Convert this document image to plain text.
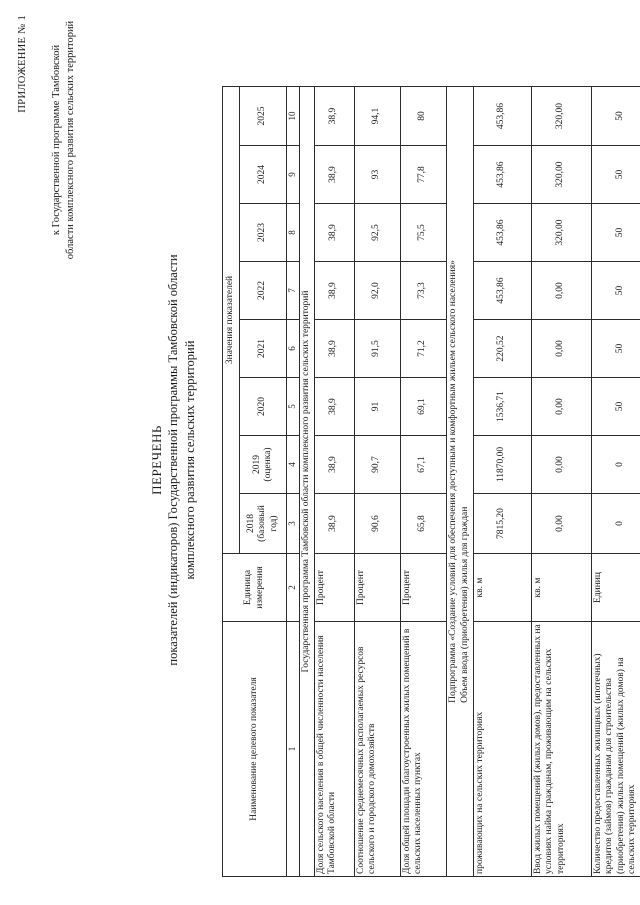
ПРИЛОЖЕНИЕ № 1 к Государственной программе Тамбовской области комплексного развития сельских территорий
ПЕРЕЧЕНЬ показателей (индикаторов) Государственной программы Тамбовской области комплексного развития сельских территорий
Наименование целевого показателя	Единица измерения	Значения показателей							
		2018 (базовый год)	2019 (оценка)	2020	2021	2022	2023	2024	2025
1	2	3	4	5	6	7	8	9	10
Государственная программа Тамбовской области комплексного развития сельских территорий									
Доля сельского населения в общей численности населения Тамбовской области	Процент	38,9	38,9	38,9	38,9	38,9	38,9	38,9	38,9
Соотношение среднемесячных располагаемых ресурсов сельского и городского домохозяйств	Процент	90,6	90,7	91	91,5	92,0	92,5	93	94,1
Доля общей площади благоустроенных жилых помещений в сельских населенных пунктах	Процент	65,8	67,1	69,1	71,2	73,3	75,5	77,8	80
Подпрограмма «Создание условий для обеспечения доступным и комфортным жильем сельского населения» Объем ввода (приобретения) жилья для граждан									
проживающих на сельских территориях	кв. м	7815,20	11870,00	1536,71	220,52	453,86	453,86	453,86	453,86
Ввод жилых помещений (жилых домов), предоставленных на условиях найма гражданам, проживающим на сельских территориях	кв. м	0,00	0,00	0,00	0,00	0,00	320,00	320,00	320,00
Количество предоставленных жилищных (ипотечных) кредитов (займов) гражданам для строительства (приобретения) жилых помещений (жилых домов) на сельских территориях	Единиц	0	0	50	50	50	50	50	50
